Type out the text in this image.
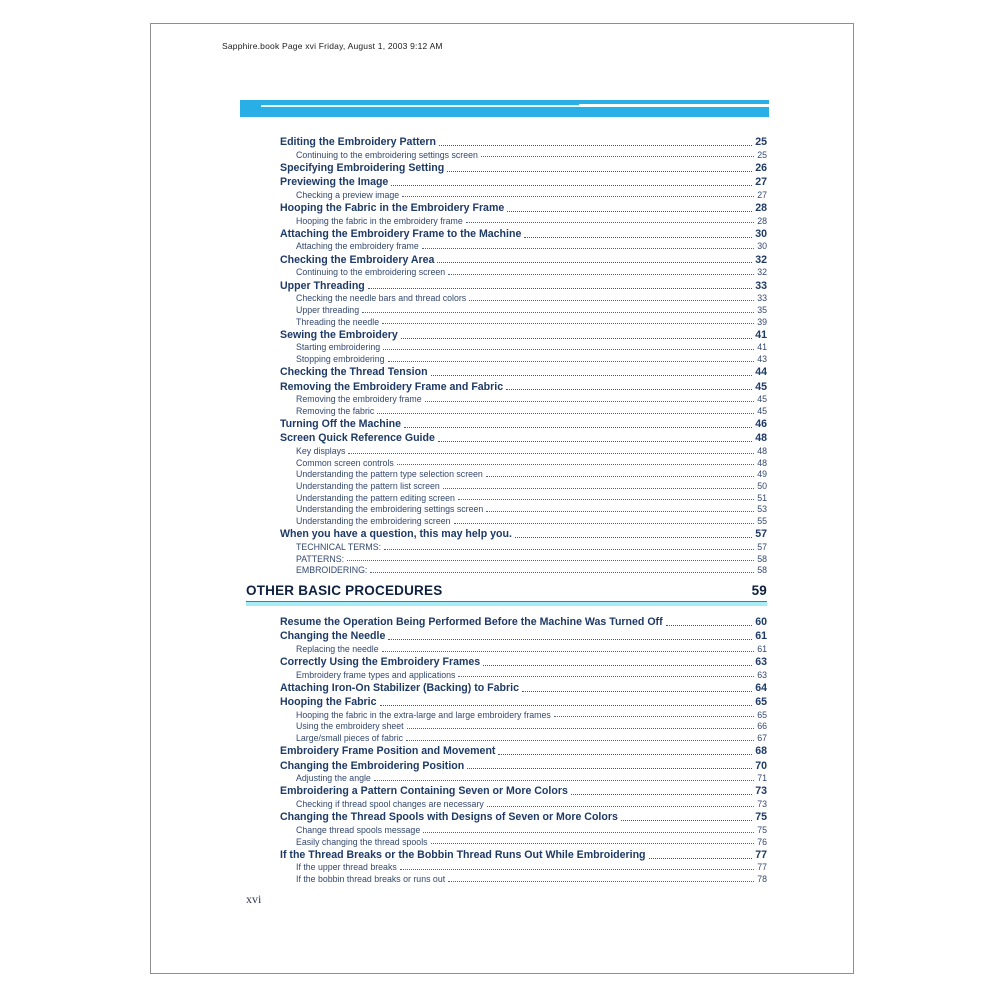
Sapphire.book Page xvi Friday, August 1, 2003 9:12 AM
Editing the Embroidery Pattern	25
Continuing to the embroidering settings screen	25
Specifying Embroidering Setting	26
Previewing the Image	27
Checking a preview image	27
Hooping the Fabric in the Embroidery Frame	28
Hooping the fabric in the embroidery frame	28
Attaching the Embroidery Frame to the Machine	30
Attaching the embroidery frame	30
Checking the Embroidery Area	32
Continuing to the embroidering screen	32
Upper Threading	33
Checking the needle bars and thread colors	33
Upper threading	35
Threading the needle	39
Sewing the Embroidery	41
Starting embroidering	41
Stopping embroidering	43
Checking the Thread Tension	44
Removing the Embroidery Frame and Fabric	45
Removing the embroidery frame	45
Removing the fabric	45
Turning Off the Machine	46
Screen Quick Reference Guide	48
Key displays	48
Common screen controls	48
Understanding the pattern type selection screen	49
Understanding the pattern list screen	50
Understanding the pattern editing screen	51
Understanding the embroidering settings screen	53
Understanding the embroidering screen	55
When you have a question, this may help you.	57
TECHNICAL TERMS:	57
PATTERNS:	58
EMBROIDERING:	58
OTHER BASIC PROCEDURES	59
Resume the Operation Being Performed Before the Machine Was Turned Off	60
Changing the Needle	61
Replacing the needle	61
Correctly Using the Embroidery Frames	63
Embroidery frame types and applications	63
Attaching Iron-On Stabilizer (Backing) to Fabric	64
Hooping the Fabric	65
Hooping the fabric in the extra-large and large embroidery frames	65
Using the embroidery sheet	66
Large/small pieces of fabric	67
Embroidery Frame Position and Movement	68
Changing the Embroidering Position	70
Adjusting the angle	71
Embroidering a Pattern Containing Seven or More Colors	73
Checking if thread spool changes are necessary	73
Changing the Thread Spools with Designs of Seven or More Colors	75
Change thread spools message	75
Easily changing the thread spools	76
If the Thread Breaks or the Bobbin Thread Runs Out While Embroidering	77
If the upper thread breaks	77
If the bobbin thread breaks or runs out	78
xvi
